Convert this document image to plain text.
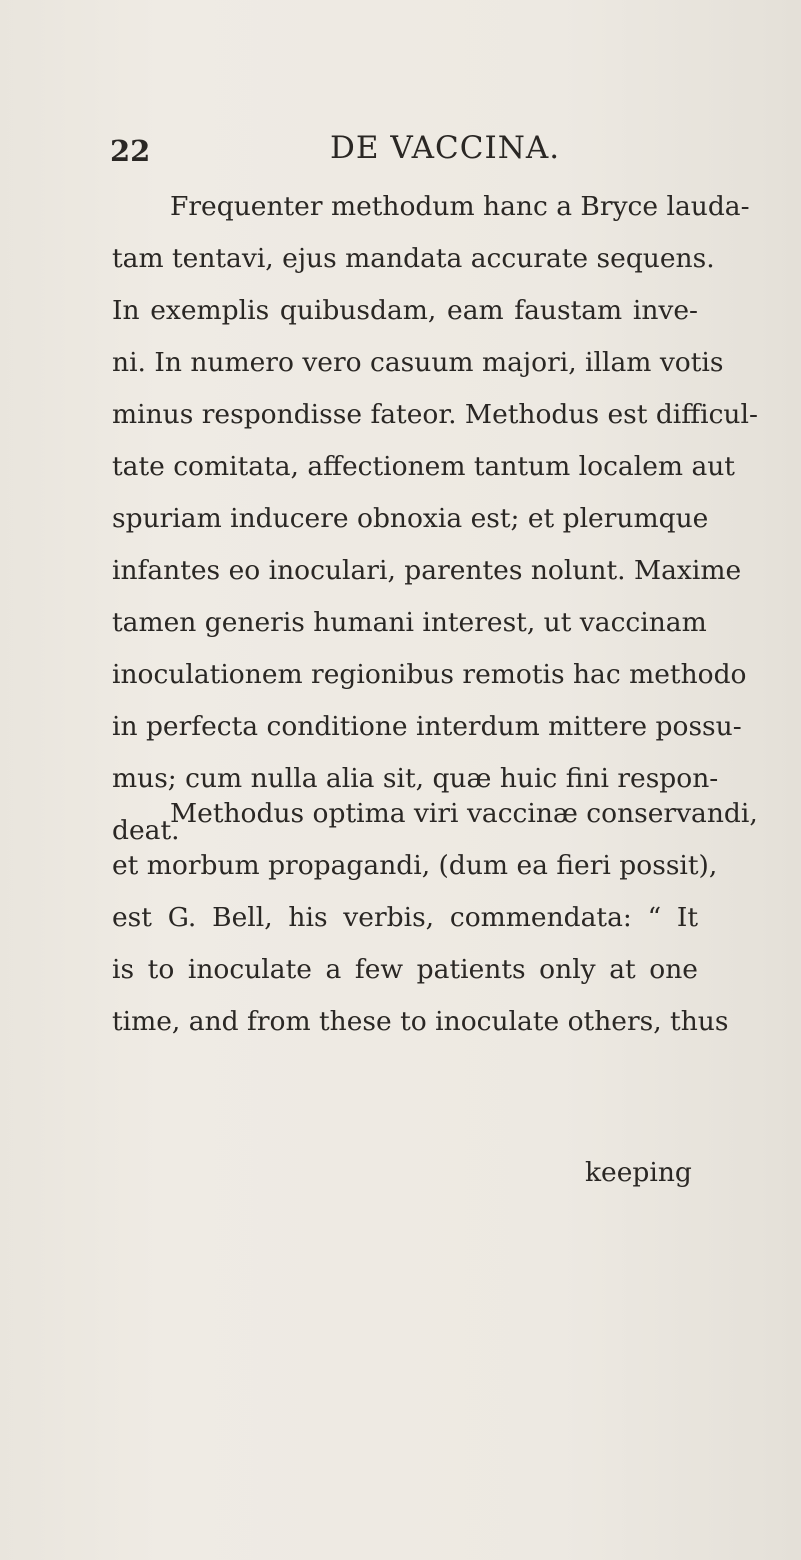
22	DE VACCINA.
Frequenter methodum hanc a Bryce lauda-
tam tentavi, ejus mandata accurate sequens.
In exemplis quibusdam, eam faustam inve-
ni. In numero vero casuum majori, illam votis
minus respondisse fateor. Methodus est difficul-
tate comitata, affectionem tantum localem aut
spuriam inducere obnoxia est; et plerumque
infantes eo inoculari, parentes nolunt. Maxime
tamen generis humani interest, ut vaccinam
inoculationem regionibus remotis hac methodo
in perfecta conditione interdum mittere possu-
mus; cum nulla alia sit, quæ huic fini respon-
deat.
Methodus optima viri vaccinæ conservandi,
et morbum propagandi, (dum ea fieri possit),
est G. Bell, his verbis, commendata: “ It
is to inoculate a few patients only at one
time, and from these to inoculate others, thus
keeping
